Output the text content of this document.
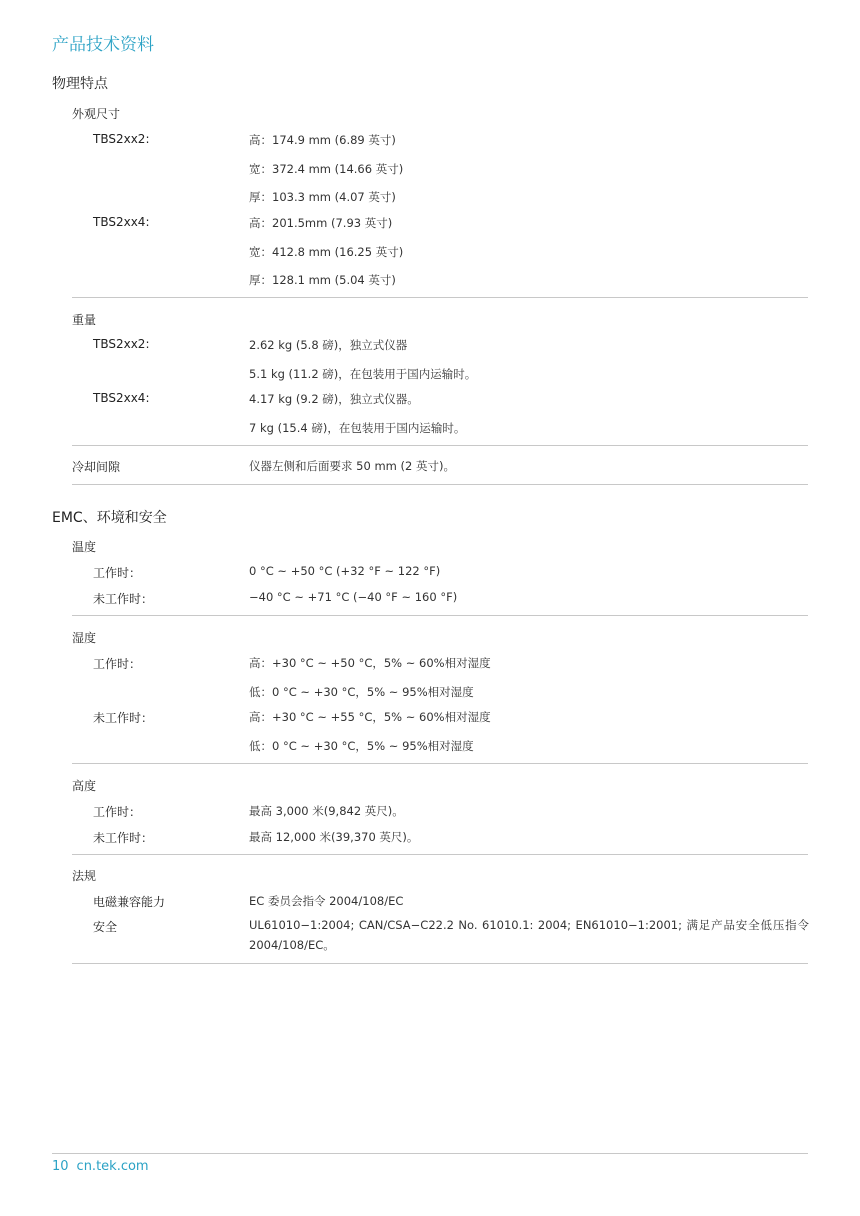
产品技术资料
物理特点
外观尺寸
TBS2xx2:	高：174.9 mm (6.89 英寸)
宽：372.4 mm (14.66 英寸)
厚：103.3 mm (4.07 英寸)
TBS2xx4:	高：201.5mm (7.93 英寸)
宽：412.8 mm (16.25 英寸)
厚：128.1 mm (5.04 英寸)
重量
TBS2xx2:	2.62 kg (5.8 磅)，独立式仪器
5.1 kg (11.2 磅)，在包装用于国内运输时。
TBS2xx4:	4.17 kg (9.2 磅)，独立式仪器。
7 kg (15.4 磅)，在包装用于国内运输时。
冷却间隙	仪器左侧和后面要求 50 mm (2 英寸)。
EMC、环境和安全
温度
工作时：	0 °C ~ +50 °C (+32 °F ~ 122 °F)
未工作时：	−40 °C ~ +71 °C (−40 °F ~ 160 °F)
湿度
工作时：	高：+30 °C ~ +50 °C，5% ~ 60%相对湿度
低：0 °C ~ +30 °C，5% ~ 95%相对湿度
未工作时：	高：+30 °C ~ +55 °C，5% ~ 60%相对湿度
低：0 °C ~ +30 °C，5% ~ 95%相对湿度
高度
工作时：	最高 3,000 米(9,842 英尺)。
未工作时：	最高 12,000 米(39,370 英尺)。
法规
电磁兼容能力	EC 委员会指令 2004/108/EC
安全	UL61010−1:2004; CAN/CSA−C22.2 No. 61010.1: 2004; EN61010−1:2001; 满足产品安全低压指令 2004/108/EC。
10 cn.tek.com
